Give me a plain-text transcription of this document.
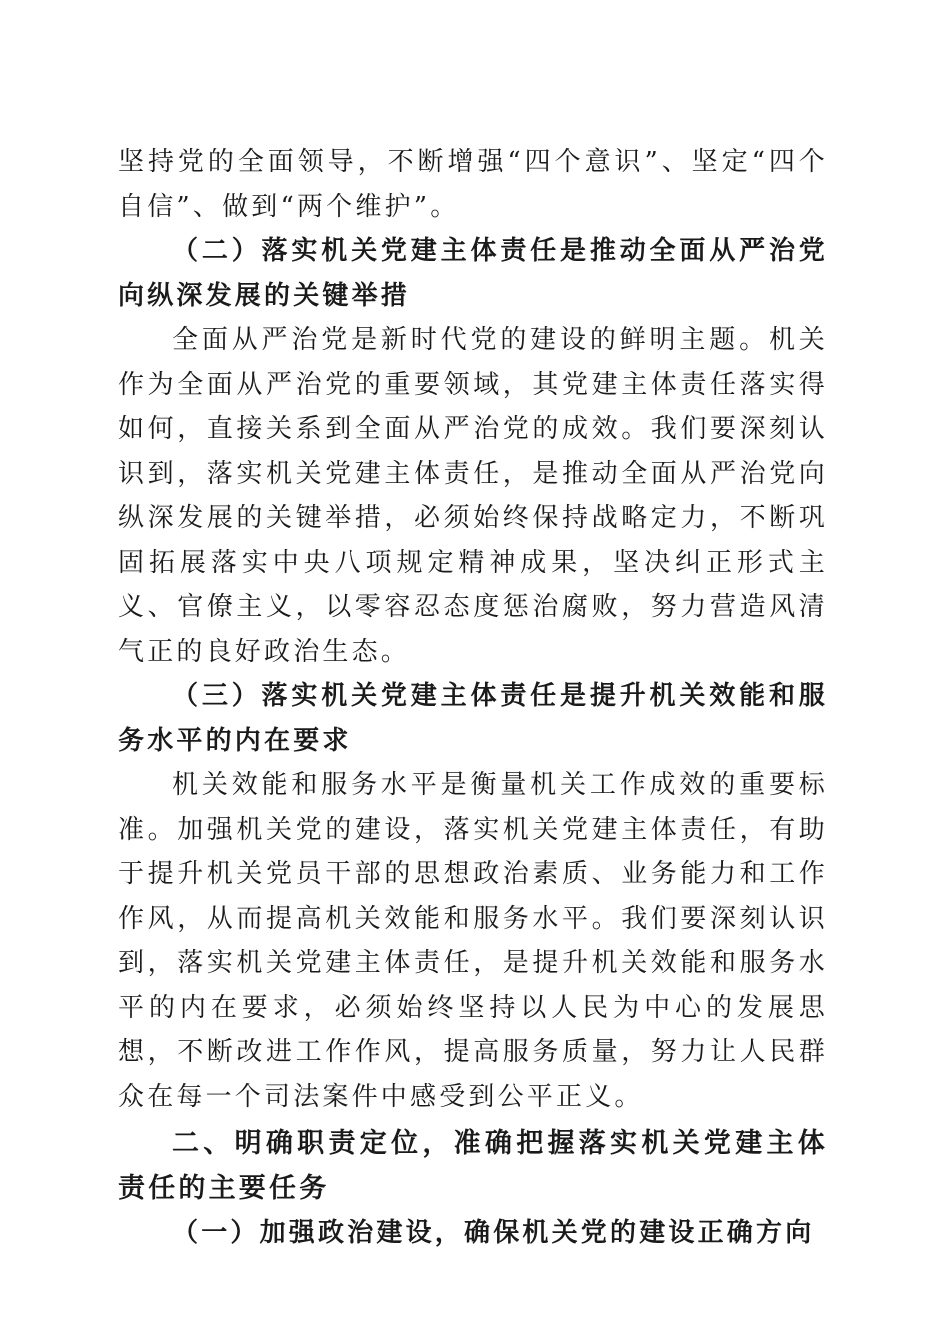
坚持党的全面领导，不断增强“四个意识”、坚定“四个自信”、做到“两个维护”。

（二）落实机关党建主体责任是推动全面从严治党向纵深发展的关键举措

全面从严治党是新时代党的建设的鲜明主题。机关作为全面从严治党的重要领域，其党建主体责任落实得如何，直接关系到全面从严治党的成效。我们要深刻认识到，落实机关党建主体责任，是推动全面从严治党向纵深发展的关键举措，必须始终保持战略定力，不断巩固拓展落实中央八项规定精神成果，坚决纠正形式主义、官僚主义，以零容忍态度惩治腐败，努力营造风清气正的良好政治生态。

（三）落实机关党建主体责任是提升机关效能和服务水平的内在要求

机关效能和服务水平是衡量机关工作成效的重要标准。加强机关党的建设，落实机关党建主体责任，有助于提升机关党员干部的思想政治素质、业务能力和工作作风，从而提高机关效能和服务水平。我们要深刻认识到，落实机关党建主体责任，是提升机关效能和服务水平的内在要求，必须始终坚持以人民为中心的发展思想，不断改进工作作风，提高服务质量，努力让人民群众在每一个司法案件中感受到公平正义。

二、明确职责定位，准确把握落实机关党建主体责任的主要任务

（一）加强政治建设，确保机关党的建设正确方向
